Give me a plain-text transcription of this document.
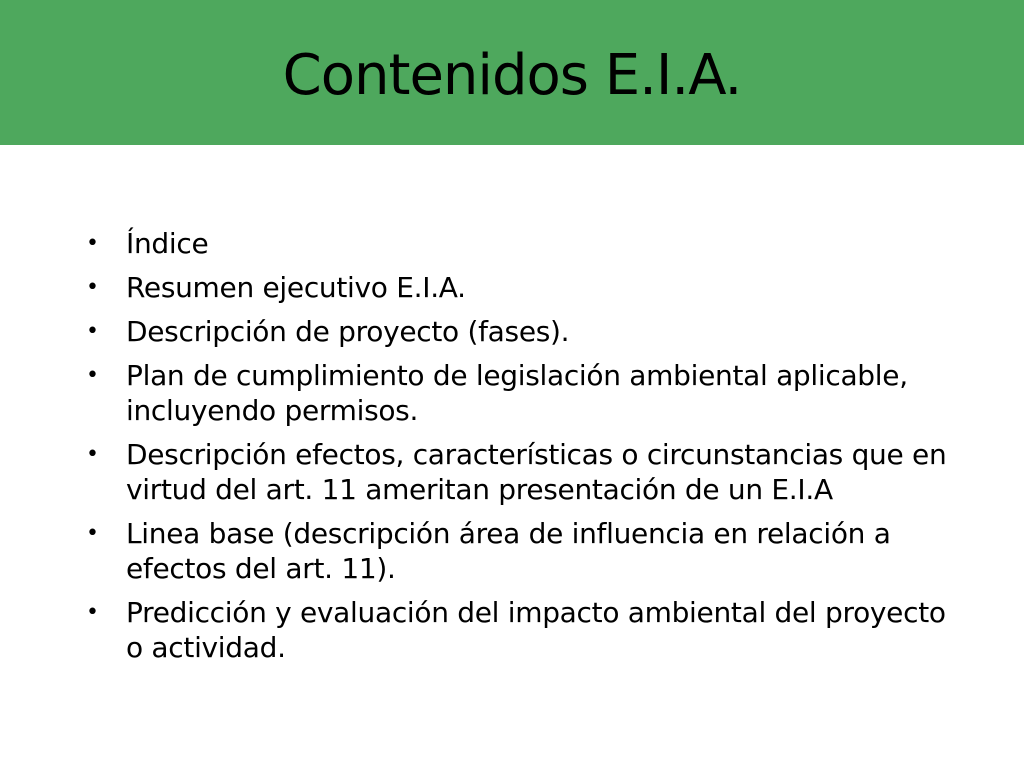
Contenidos E.I.A.
• Índice
• Resumen ejecutivo E.I.A.
• Descripción de proyecto (fases).
• Plan de cumplimiento de legislación ambiental aplicable, incluyendo permisos.
• Descripción efectos, características o circunstancias que en virtud del art. 11 ameritan presentación de un E.I.A
• Linea base (descripción área de influencia en relación a efectos del art. 11).
• Predicción y evaluación del impacto ambiental del proyecto o actividad.
